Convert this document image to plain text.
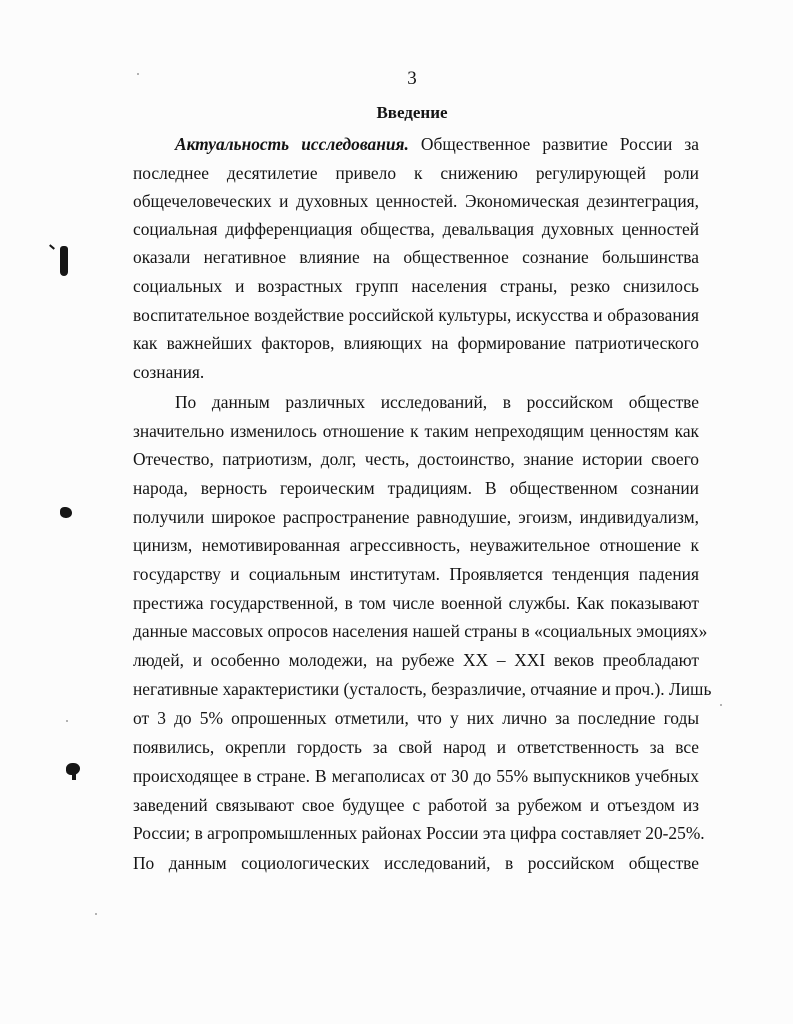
3
Введение
Актуальность исследования. Общественное развитие России за
последнее десятилетие привело к снижению регулирующей роли
общечеловеческих и духовных ценностей. Экономическая дезинтеграция,
социальная дифференциация общества, девальвация духовных ценностей
оказали негативное влияние на общественное сознание большинства
социальных и возрастных групп населения страны, резко снизилось
воспитательное воздействие российской культуры, искусства и образования
как важнейших факторов, влияющих на формирование патриотического
сознания.
По данным различных исследований, в российском обществе
значительно изменилось отношение к таким непреходящим ценностям как
Отечество, патриотизм, долг, честь, достоинство, знание истории своего
народа, верность героическим традициям. В общественном сознании
получили широкое распространение равнодушие, эгоизм, индивидуализм,
цинизм, немотивированная агрессивность, неуважительное отношение к
государству и социальным институтам. Проявляется тенденция падения
престижа государственной, в том числе военной службы. Как показывают
данные массовых опросов населения нашей страны в «социальных эмоциях»
людей, и особенно молодежи, на рубеже XX – XXI веков преобладают
негативные характеристики (усталость, безразличие, отчаяние и проч.). Лишь
от 3 до 5% опрошенных отметили, что у них лично за последние годы
появились, окрепли гордость за свой народ и ответственность за все
происходящее в стране. В мегаполисах от 30 до 55% выпускников учебных
заведений связывают свое будущее с работой за рубежом и отъездом из
России; в агропромышленных районах России эта цифра составляет 20-25%.
По данным социологических исследований, в российском обществе
